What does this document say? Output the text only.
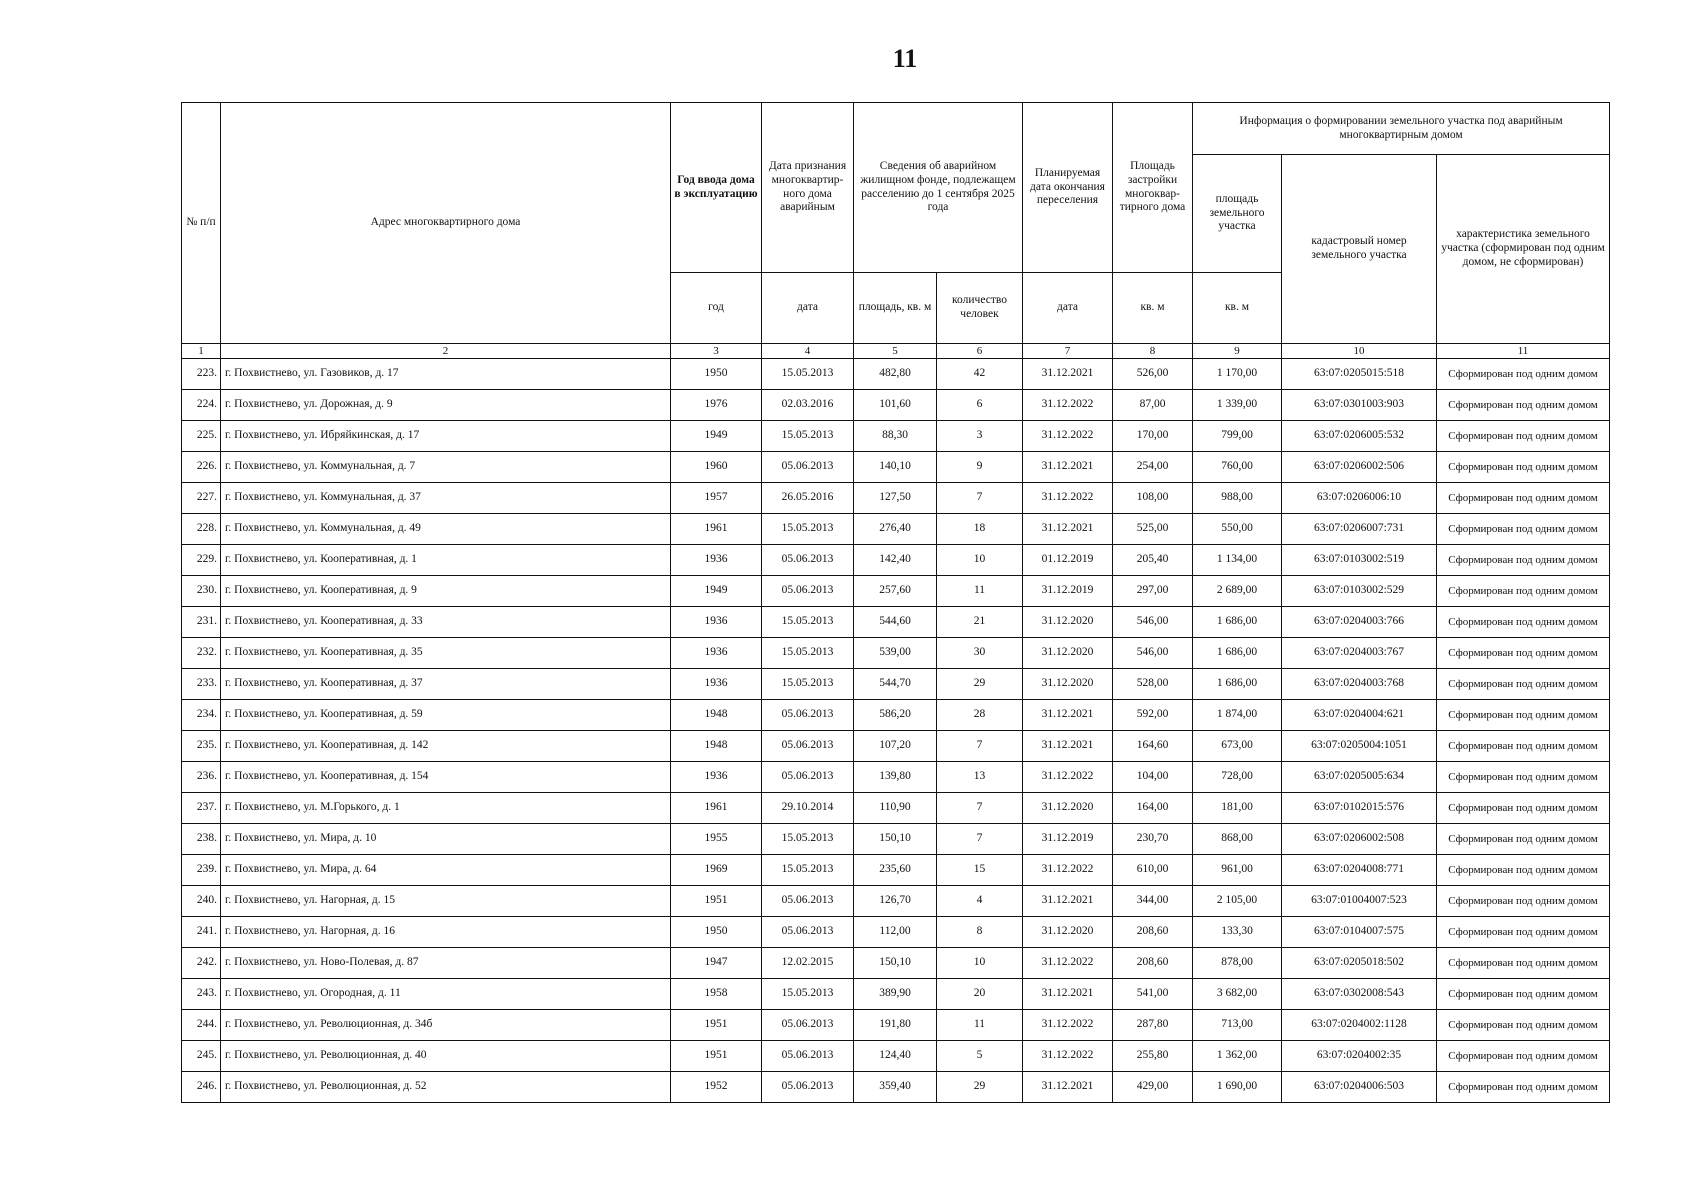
11
№ п/п	Адрес многоквартирного дома	Год ввода дома в эксплуатацию	Дата признания многоквартир-ного дома аварийным	Сведения об аварийном жилищном фонде, подлежащем расселению до 1 сентября 2025 года		Планируемая дата окончания переселения	Площадь застройки многоквар-тирного дома	Информация о формировании земельного участка под аварийным многоквартирным домом		
								площадь земельного участка	кадастровый номер земельного участка	характеристика земельного участка (сформирован под одним домом, не сформирован)
		год	дата	площадь, кв. м	количество человек	дата	кв. м	кв. м		
1	2	3	4	5	6	7	8	9	10	11
223.	г. Похвистнево, ул. Газовиков, д. 17	1950	15.05.2013	482,80	42	31.12.2021	526,00	1 170,00	63:07:0205015:518	Сформирован под одним домом
224.	г. Похвистнево, ул. Дорожная, д. 9	1976	02.03.2016	101,60	6	31.12.2022	87,00	1 339,00	63:07:0301003:903	Сформирован под одним домом
225.	г. Похвистнево, ул. Ибряйкинская, д. 17	1949	15.05.2013	88,30	3	31.12.2022	170,00	799,00	63:07:0206005:532	Сформирован под одним домом
226.	г. Похвистнево, ул. Коммунальная, д. 7	1960	05.06.2013	140,10	9	31.12.2021	254,00	760,00	63:07:0206002:506	Сформирован под одним домом
227.	г. Похвистнево, ул. Коммунальная, д. 37	1957	26.05.2016	127,50	7	31.12.2022	108,00	988,00	63:07:0206006:10	Сформирован под одним домом
228.	г. Похвистнево, ул. Коммунальная, д. 49	1961	15.05.2013	276,40	18	31.12.2021	525,00	550,00	63:07:0206007:731	Сформирован под одним домом
229.	г. Похвистнево, ул. Кооперативная, д. 1	1936	05.06.2013	142,40	10	01.12.2019	205,40	1 134,00	63:07:0103002:519	Сформирован под одним домом
230.	г. Похвистнево, ул. Кооперативная, д. 9	1949	05.06.2013	257,60	11	31.12.2019	297,00	2 689,00	63:07:0103002:529	Сформирован под одним домом
231.	г. Похвистнево, ул. Кооперативная, д. 33	1936	15.05.2013	544,60	21	31.12.2020	546,00	1 686,00	63:07:0204003:766	Сформирован под одним домом
232.	г. Похвистнево, ул. Кооперативная, д. 35	1936	15.05.2013	539,00	30	31.12.2020	546,00	1 686,00	63:07:0204003:767	Сформирован под одним домом
233.	г. Похвистнево, ул. Кооперативная, д. 37	1936	15.05.2013	544,70	29	31.12.2020	528,00	1 686,00	63:07:0204003:768	Сформирован под одним домом
234.	г. Похвистнево, ул. Кооперативная, д. 59	1948	05.06.2013	586,20	28	31.12.2021	592,00	1 874,00	63:07:0204004:621	Сформирован под одним домом
235.	г. Похвистнево, ул. Кооперативная, д. 142	1948	05.06.2013	107,20	7	31.12.2021	164,60	673,00	63:07:0205004:1051	Сформирован под одним домом
236.	г. Похвистнево, ул. Кооперативная, д. 154	1936	05.06.2013	139,80	13	31.12.2022	104,00	728,00	63:07:0205005:634	Сформирован под одним домом
237.	г. Похвистнево, ул. М.Горького, д. 1	1961	29.10.2014	110,90	7	31.12.2020	164,00	181,00	63:07:0102015:576	Сформирован под одним домом
238.	г. Похвистнево, ул. Мира, д. 10	1955	15.05.2013	150,10	7	31.12.2019	230,70	868,00	63:07:0206002:508	Сформирован под одним домом
239.	г. Похвистнево, ул. Мира, д. 64	1969	15.05.2013	235,60	15	31.12.2022	610,00	961,00	63:07:0204008:771	Сформирован под одним домом
240.	г. Похвистнево, ул. Нагорная, д. 15	1951	05.06.2013	126,70	4	31.12.2021	344,00	2 105,00	63:07:01004007:523	Сформирован под одним домом
241.	г. Похвистнево, ул. Нагорная, д. 16	1950	05.06.2013	112,00	8	31.12.2020	208,60	133,30	63:07:0104007:575	Сформирован под одним домом
242.	г. Похвистнево, ул. Ново-Полевая, д. 87	1947	12.02.2015	150,10	10	31.12.2022	208,60	878,00	63:07:0205018:502	Сформирован под одним домом
243.	г. Похвистнево, ул. Огородная, д. 11	1958	15.05.2013	389,90	20	31.12.2021	541,00	3 682,00	63:07:0302008:543	Сформирован под одним домом
244.	г. Похвистнево, ул. Революционная, д. 34б	1951	05.06.2013	191,80	11	31.12.2022	287,80	713,00	63:07:0204002:1128	Сформирован под одним домом
245.	г. Похвистнево, ул. Революционная, д. 40	1951	05.06.2013	124,40	5	31.12.2022	255,80	1 362,00	63:07:0204002:35	Сформирован под одним домом
246.	г. Похвистнево, ул. Революционная, д. 52	1952	05.06.2013	359,40	29	31.12.2021	429,00	1 690,00	63:07:0204006:503	Сформирован под одним домом
